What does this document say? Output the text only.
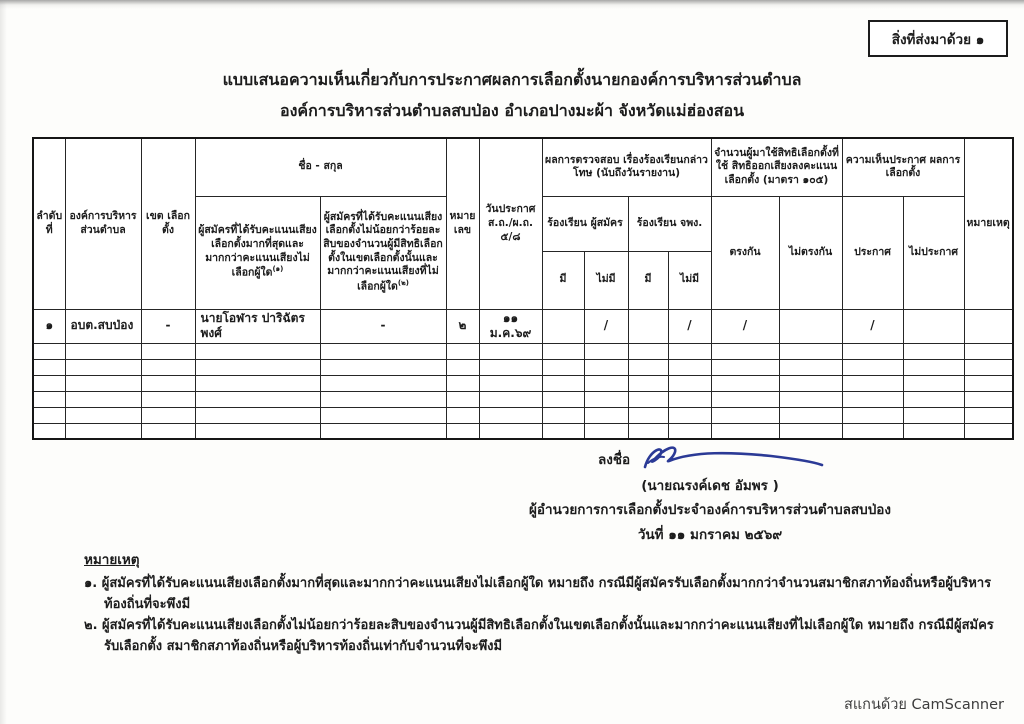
สิ่งที่ส่งมาด้วย ๑
แบบเสนอความเห็นเกี่ยวกับการประกาศผลการเลือกตั้งนายกองค์การบริหารส่วนตำบล
องค์การบริหารส่วนตำบลสบป่อง อำเภอปางมะผ้า จังหวัดแม่ฮ่องสอน
ลำดับที่	องค์การบริหาร ส่วนตำบล	เขต เลือกตั้ง	ชื่อ - สกุล		หมายเลข	วันประกาศ ส.ถ./ผ.ถ. ๕/๘	ผลการตรวจสอบ เรื่องร้องเรียนกล่าวโทษ (นับถึงวันรายงาน)				จำนวนผู้มาใช้สิทธิเลือกตั้งที่ใช้ สิทธิออกเสียงลงคะแนนเลือกตั้ง (มาตรา ๑๐๕)		ความเห็นประกาศ ผลการเลือกตั้ง		หมายเหตุ
			ผู้สมัครที่ได้รับคะแนนเสียงเลือกตั้งมากที่สุดและมากกว่าคะแนนเสียงไม่เลือกผู้ใด$^{(๑)}$	ผู้สมัครที่ได้รับคะแนนเสียงเลือกตั้งไม่น้อยกว่าร้อยละสิบของจำนวนผู้มีสิทธิเลือกตั้งในเขตเลือกตั้งนั้นและมากกว่าคะแนนเสียงที่ไม่เลือกผู้ใด$^{(๒)}$			ร้องเรียน ผู้สมัคร		ร้องเรียน จพง.		ตรงกัน	ไม่ตรงกัน	ประกาศ	ไม่ประกาศ	
							มี	ไม่มี	มี	ไม่มี					
๑	อบต.สบป่อง	-	นายโอฬาร ปาริฉัตรพงศ์	-	๒	๑๑ ม.ค.๖๙		/		/	/		/		

ลงชื่อ
(นายณรงค์เดช อัมพร )
ผู้อำนวยการการเลือกตั้งประจำองค์การบริหารส่วนตำบลสบป่อง
วันที่ ๑๑ มกราคม ๒๕๖๙
หมายเหตุ
๑. ผู้สมัครที่ได้รับคะแนนเสียงเลือกตั้งมากที่สุดและมากกว่าคะแนนเสียงไม่เลือกผู้ใด หมายถึง กรณีมีผู้สมัครรับเลือกตั้งมากกว่าจำนวนสมาชิกสภาท้องถิ่นหรือผู้บริหารท้องถิ่นที่จะพึงมี
๒. ผู้สมัครที่ได้รับคะแนนเสียงเลือกตั้งไม่น้อยกว่าร้อยละสิบของจำนวนผู้มีสิทธิเลือกตั้งในเขตเลือกตั้งนั้นและมากกว่าคะแนนเสียงที่ไม่เลือกผู้ใด หมายถึง กรณีมีผู้สมัครรับเลือกตั้ง สมาชิกสภาท้องถิ่นหรือผู้บริหารท้องถิ่นเท่ากับจำนวนที่จะพึงมี
สแกนด้วย CamScanner
